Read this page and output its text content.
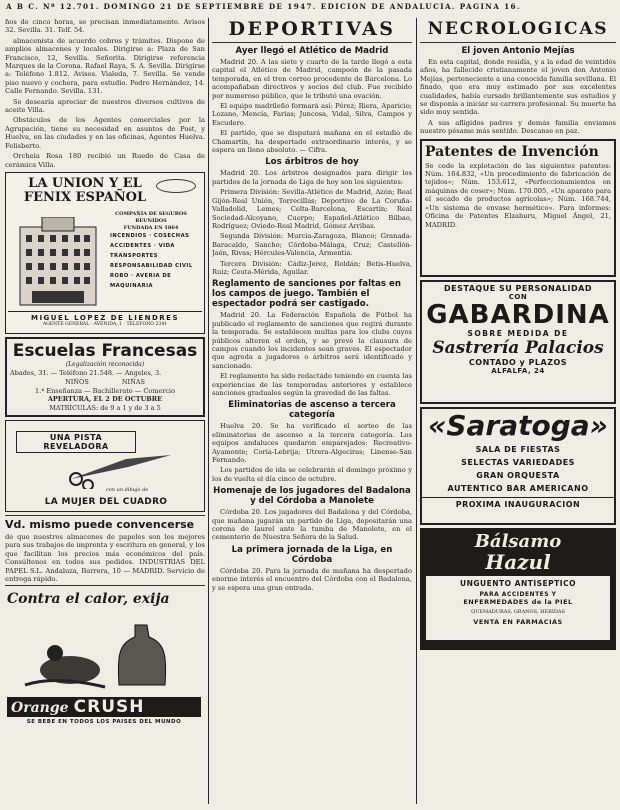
A B C. Nº 12.701. DOMINGO 21 DE SEPTIEMBRE DE 1947. EDICION DE ANDALUCIA. PAGINA 16.

ños de cinco horas, se precisan inmediatamente. Avisos 32. Sevilla. 31. Telf. 54.

almacenista de acuerdo cobros y trámites. Dispone de amplios almacenes y locales. Dirigirse a: Plaza de San Francisco, 12, Sevilla. Señorita. Dirigirse referencia Marques de la Corona. Rafael Raya, S. A. Sevilla. Dirigirse a: Teléfono 1.812. Avisos. Vialeda, 7. Sevilla. Se vende piso nuevo y cochera, para estudio. Pedro Hernández, 14. Calle Fernando. Sevilla. 131.

Se desearía apreciar de nuestros diversos cultivos de aceite Villa.

Obstáculos de los Agentes comerciales por la Agrupación, tiene su necesidad en asuntos de Post, y Huelva, en las ciudades y en las oficinas, Agentes Huelva. Felisberto.

Orchela Rosa 180 recibió un Ruedo de Casa de cerámica Villa.

LA UNION Y EL FENIX ESPAÑOL
COMPAÑIA DE SEGUROS REUNIDOS
FUNDADA EN 1864
INCENDIOS · COSECHAS
ACCIDENTES · VIDA
TRANSPORTES
RESPONSABILIDAD CIVIL
ROBO · AVERIA DE MAQUINARIA
MIGUEL LOPEZ DE LIENDRES
AGENTE GENERAL · AVENIDA, 1 · TELEFONO 2341
Escuelas Francesas
(Legalización reconocida)
Abades, 31. — Teléfono 21.548. — Angeles, 3.
NIÑOS                NIÑAS
1.ª Enseñanza — Bachillerato — Comercio
APERTURA, EL 2 DE OCTUBRE
MATRICULAS: de 9 a 1 y de 3 a 5
UNA PISTA REVELADORA
con un dibujo de
LA MUJER DEL CUADRO
Vd. mismo puede convencerse

de que nuestros almacenes de papeles son los mejores para sus trabajos de imprenta y escritura en general, y los que facilitan los precios más económicos del país. Consúltenos en todos sus pedidos. INDUSTRIAS DEL PAPEL S.L. Andaluza, Barrera, 10 — MADRID. Servicio de entrega rápido.

Contra el calor, exija
Orange CRUSH
SE BEBE EN TODOS LOS PAISES DEL MUNDO
DEPORTIVAS
Ayer llegó el Atlético de Madrid

Madrid 20. A las siete y cuarto de la tarde llegó a esta capital el Atlético de Madrid, campeón de la pasada temporada, en el tren correo procedente de Barcelona. Lo acompañaban directivos y socios del club. Fue recibido por numeroso público, que le tributó una ovación.

El equipo madrileño formará así: Pérez; Riera, Aparicio; Lozano, Mencía, Farias; Juncosa, Vidal, Silva, Campos y Escudero.

El partido, que se disputará mañana en el estadio de Chamartín, ha despertado extraordinario interés, y se espera un lleno absoluto. — Cifra.

Los árbitros de hoy

Madrid 20. Los árbitros designados para dirigir los partidos de la jornada de Liga de hoy son los siguientes:

Primera División: Sevilla-Atlético de Madrid, Azón; Real Gijón-Real Unión, Torrecillas; Deportivo de La Coruña-Valladolid, Lemes; Celta-Barcelona, Escartín; Real Sociedad-Alcoyano, Cuerpo; Español-Atlético Bilbao, Rodríguez; Oviedo-Real Madrid, Gómez Arribas.

Segunda División: Murcia-Zaragoza, Blanco; Granada-Baracaldo, Sancho; Córdoba-Málaga, Cruz; Castellón-Jaén, Rivas; Hércules-Valencia, Armentia.

Tercera División: Cádiz-Jerez, Roldán; Betis-Huelva, Ruiz; Ceuta-Mérida, Aguilar.

Reglamento de sanciones por faltas en los campos de juego. También el espectador podrá ser castigado.

Madrid 20. La Federación Española de Fútbol ha publicado el reglamento de sanciones que regirá durante la temporada. Se establecen multas para los clubs cuyos públicos alteren el orden, y se prevé la clausura de campos cuando los incidentes sean graves. El espectador que agreda a jugadores o árbitros será identificado y sancionado.

El reglamento ha sido redactado teniendo en cuenta las experiencias de las temporadas anteriores y establece sanciones graduales según la gravedad de las faltas.

Eliminatorias de ascenso a tercera categoría

Huelva 20. Se ha verificado el sorteo de las eliminatorias de ascenso a la tercera categoría. Los equipos andaluces quedaron emparejados: Recreativo-Ayamonte; Coria-Lebrija; Utrera-Algeciras; Linense-San Fernando.

Los partidos de ida se celebrarán el domingo próximo y los de vuelta el día cinco de octubre.

Homenaje de los jugadores del Badalona y del Córdoba a Manolete

Córdoba 20. Los jugadores del Badalona y del Córdoba, que mañana jugarán un partido de Liga, depositarán una corona de laurel ante la tumba de Manolete, en el cementerio de Nuestra Señora de la Salud.

La primera jornada de la Liga, en Córdoba

Córdoba 20. Para la jornada de mañana ha despertado enorme interés el encuentro del Córdoba con el Badalona, y se espera una gran entrada.

NECROLOGICAS
El joven Antonio Mejías

En esta capital, donde residía, y a la edad de veintidós años, ha fallecido cristianamente el joven don Antonio Mejías, perteneciente a una conocida familia sevillana. El finado, que era muy estimado por sus excelentes cualidades, había cursado brillantemente sus estudios y se disponía a iniciar su carrera profesional. Su muerte ha sido muy sentida.

A sus afligidos padres y demás familia enviamos nuestro pésame más sentido. Descanse en paz.

Patentes de Invención

Se cede la explotación de las siguientes patentes: Núm. 164.832, «Un procedimiento de fabricación de tejidos»; Núm. 153.612, «Perfeccionamientos en máquinas de coser»; Núm. 170.005, «Un aparato para el secado de productos agrícolas»; Núm. 168.744, «Un sistema de envase hermético». Para informes: Oficina de Patentes Elzaburu, Miguel Ángel, 21, MADRID.

DESTAQUE SU PERSONALIDAD
CON
GABARDINA
SOBRE MEDIDA DE
Sastrería Palacios
CONTADO y PLAZOS
ALFALFA, 24
«Saratoga»
SALA DE FIESTAS
SELECTAS VARIEDADES
GRAN ORQUESTA
AUTENTICO BAR AMERICANO
PROXIMA INAUGURACION
Bálsamo
Hazul
UNGUENTO ANTISEPTICO
PARA ACCIDENTES Y
ENFERMEDADES de la PIEL
QUEMADURAS, GRANOS, HERIDAS
VENTA EN FARMACIAS
